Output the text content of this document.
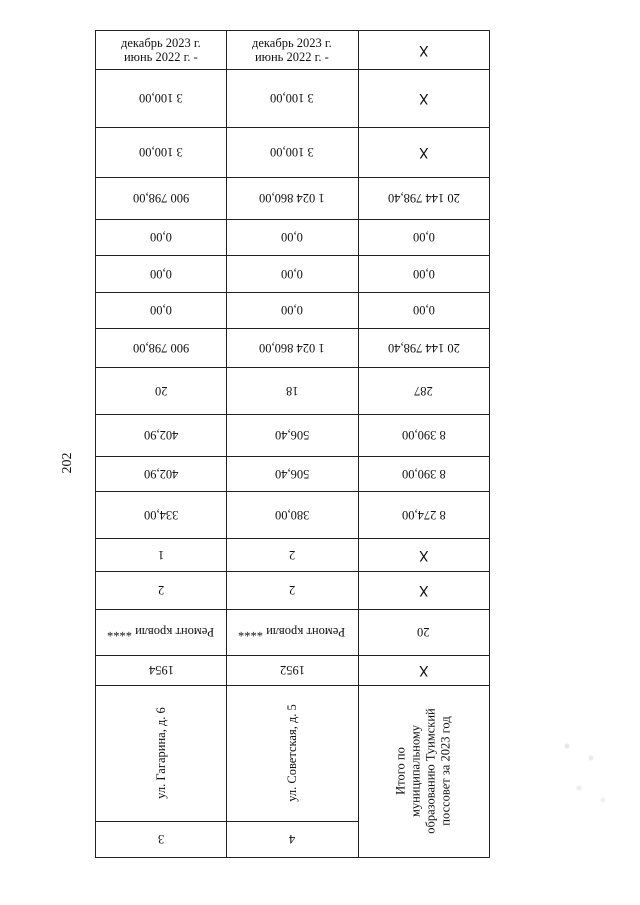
202
июнь 2022 г. -
декабрь 2023 г.
3 100,00
3 100,00
900 798,00
0,00
0,00
0,00
900 798,00
20
402,90
402,90
334,00
1
2
Ремонт кровли ****
1954
ул. Гагарина, д. 6
3
июнь 2022 г. -
декабрь 2023 г.
3 100,00
3 100,00
1 024 860,00
0,00
0,00
0,00
1 024 860,00
18
506,40
506,40
380,00
2
2
Ремонт кровли ****
1952
ул. Советская, д. 5
4
X
X
X
20 144 798,40
0,00
0,00
0,00
20 144 798,40
287
8 390,00
8 390,00
8 274,00
X
X
20
X
Итого по муниципальному образованию Туимский поссовет за 2023 год
